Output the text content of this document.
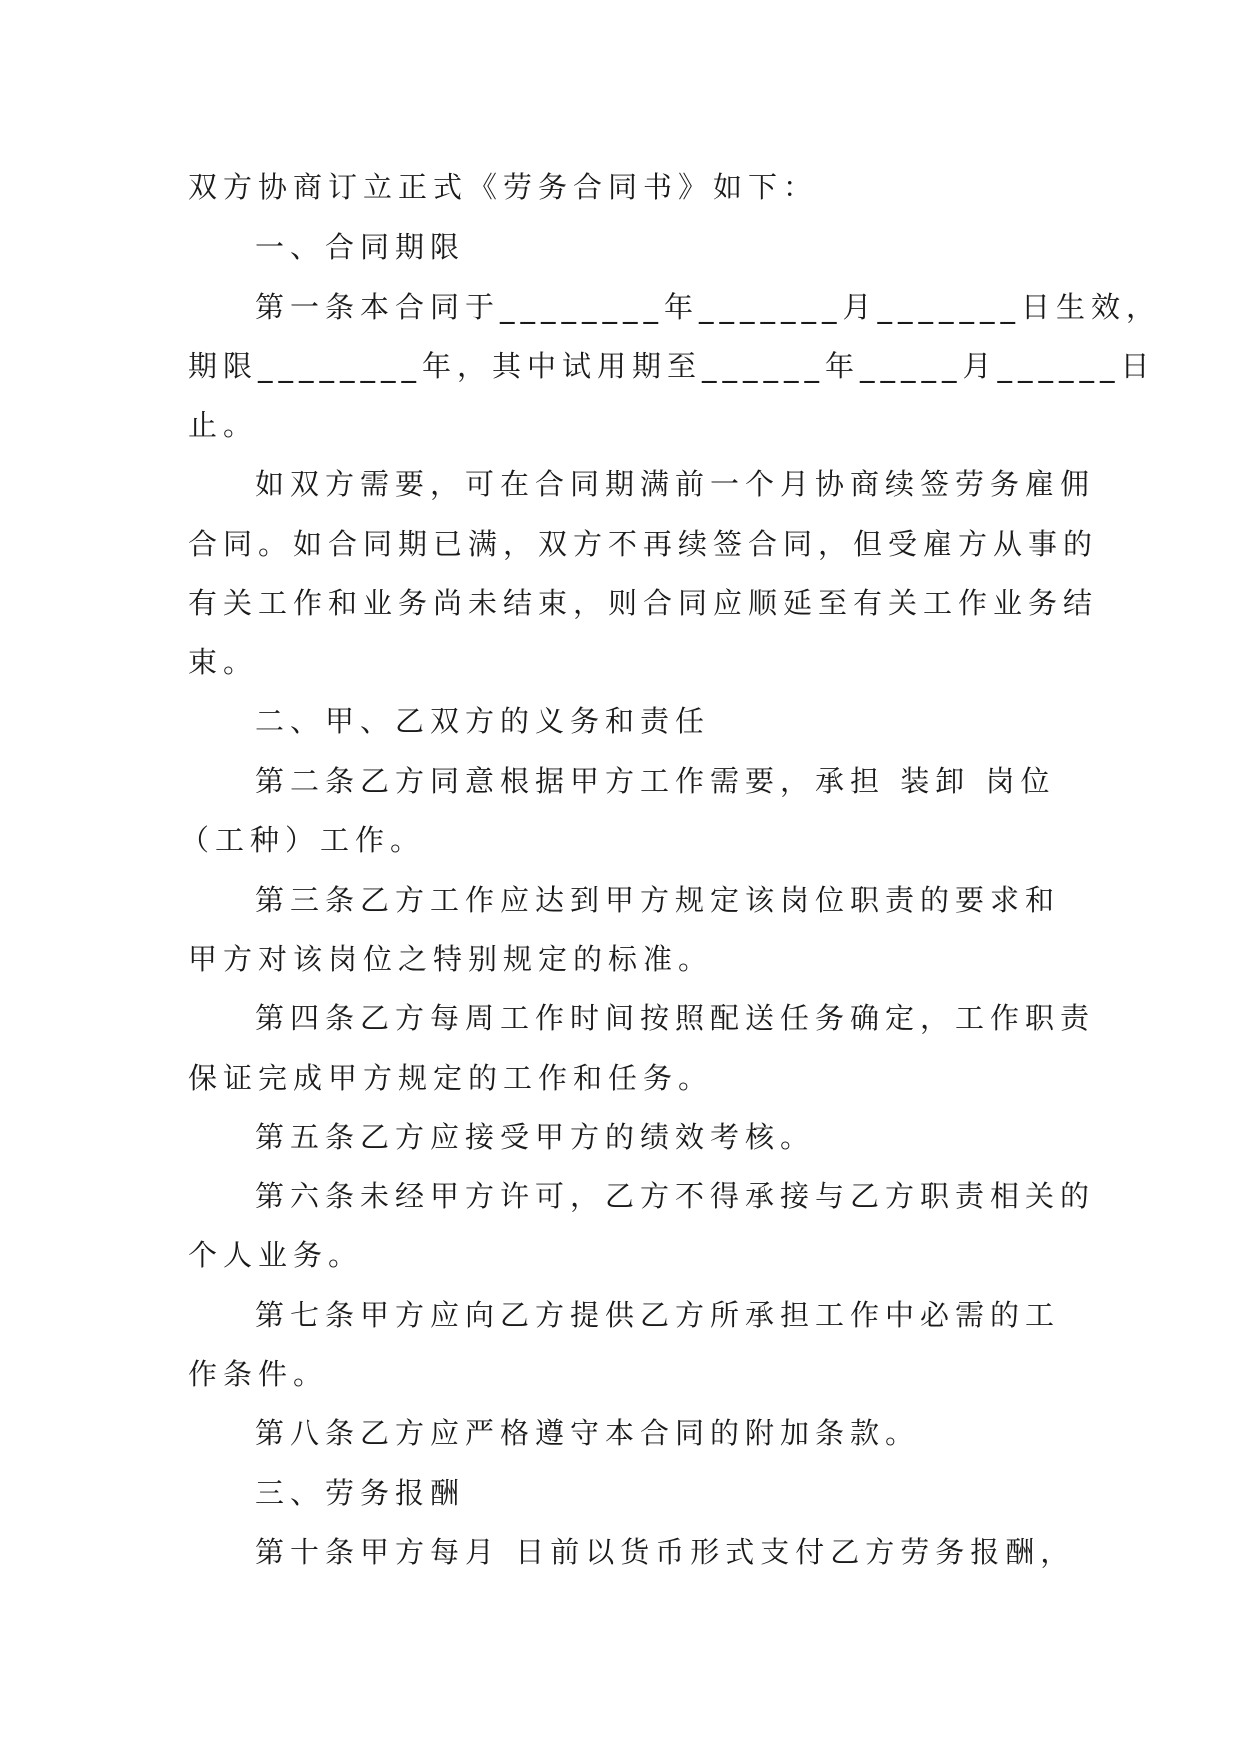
双方协商订立正式《劳务合同书》如下：

一、合同期限

第一条本合同于________年_______月_______日生效，

期限________年，其中试用期至______年_____月______日

止。

如双方需要，可在合同期满前一个月协商续签劳务雇佣

合同。如合同期已满，双方不再续签合同，但受雇方从事的

有关工作和业务尚未结束，则合同应顺延至有关工作业务结

束。

二、甲、乙双方的义务和责任

第二条乙方同意根据甲方工作需要，承担 装卸 岗位

（工种）工作。

第三条乙方工作应达到甲方规定该岗位职责的要求和

甲方对该岗位之特别规定的标准。

第四条乙方每周工作时间按照配送任务确定，工作职责

保证完成甲方规定的工作和任务。

第五条乙方应接受甲方的绩效考核。

第六条未经甲方许可，乙方不得承接与乙方职责相关的

个人业务。

第七条甲方应向乙方提供乙方所承担工作中必需的工

作条件。

第八条乙方应严格遵守本合同的附加条款。

三、劳务报酬

第十条甲方每月 日前以货币形式支付乙方劳务报酬，
